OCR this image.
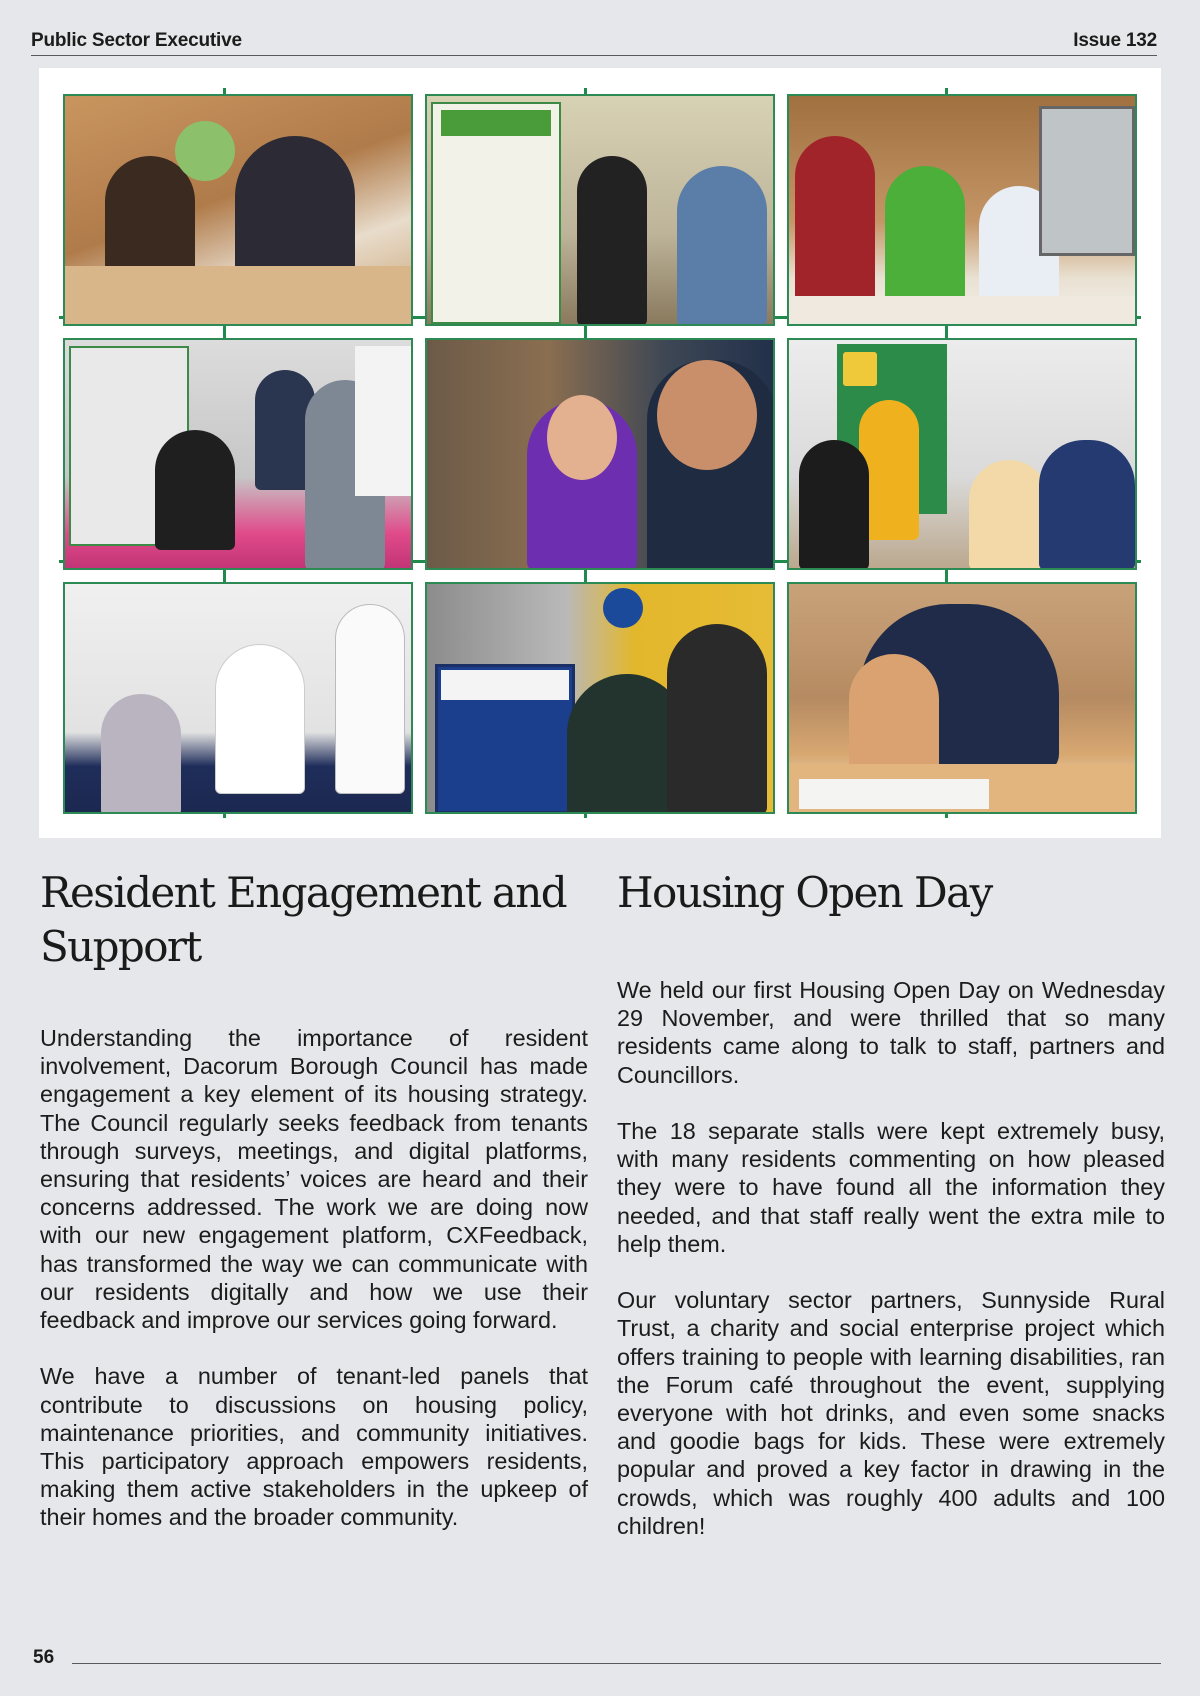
Public Sector Executive	Issue 132
Resident Engagement and Support

Understanding the importance of resident involvement, Dacorum Borough Council has made engagement a key element of its housing strategy. The Council regularly seeks feedback from tenants through surveys, meetings, and digital platforms, ensuring that residents’ voices are heard and their concerns addressed. The work we are doing now with our new engagement platform, CXFeedback, has transformed the way we can communicate with our residents digitally and how we use their feedback and improve our services going forward.

We have a number of tenant-led panels that contribute to discussions on housing policy, maintenance priorities, and community initiatives. This participatory approach empowers residents, making them active stakeholders in the upkeep of their homes and the broader community.

Housing Open Day

We held our first Housing Open Day on Wednesday 29 November, and were thrilled that so many residents came along to talk to staff, partners and Councillors.

The 18 separate stalls were kept extremely busy, with many residents commenting on how pleased they were to have found all the information they needed, and that staff really went the extra mile to help them.

Our voluntary sector partners, Sunnyside Rural Trust, a charity and social enterprise project which offers training to people with learning disabilities, ran the Forum café throughout the event, supplying everyone with hot drinks, and even some snacks and goodie bags for kids. These were extremely popular and proved a key factor in drawing in the crowds, which was roughly 400 adults and 100 children!

56
